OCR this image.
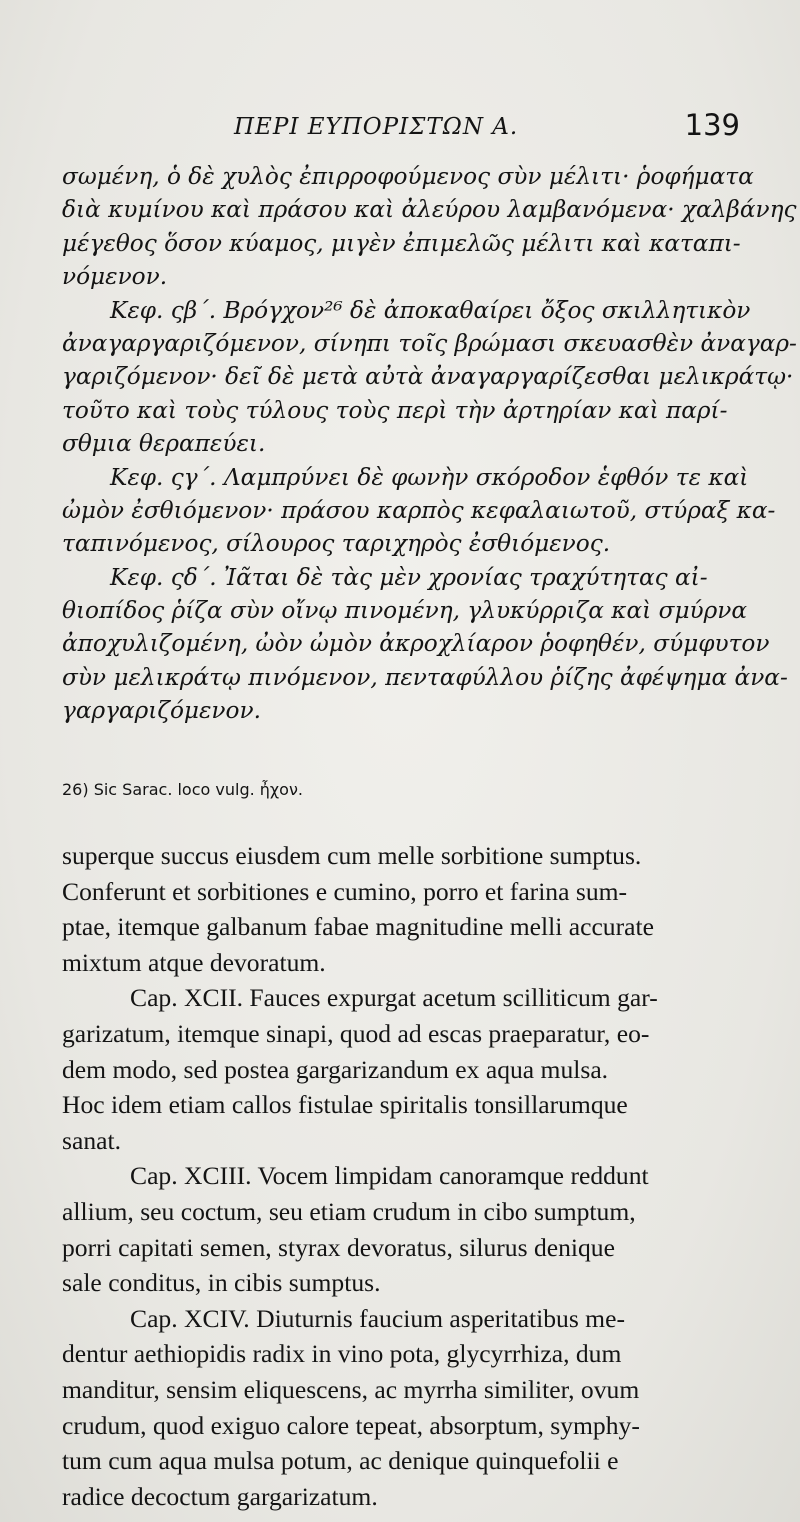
ΠΕΡΙ ΕΥΠΟΡΙΣΤΩΝ Α.	139
σωμένη, ὁ δὲ χυλὸς ἐπιρροφούμενος σὺν μέλιτι· ῥοφήματα
διὰ κυμίνου καὶ πράσου καὶ ἀλεύρου λαμβανόμενα· χαλβάνης
μέγεθος ὅσον κύαμος, μιγὲν ἐπιμελῶς μέλιτι καὶ καταπι-
νόμενον.
Κεφ. ςβ΄. Βρόγχον²⁶ δὲ ἀποκαθαίρει ὄξος σκιλλητικὸν
ἀναγαργαριζόμενον, σίνηπι τοῖς βρώμασι σκευασθὲν ἀναγαρ-
γαριζόμενον· δεῖ δὲ μετὰ αὐτὰ ἀναγαργαρίζεσθαι μελικράτῳ·
τοῦτο καὶ τοὺς τύλους τοὺς περὶ τὴν ἀρτηρίαν καὶ παρί-
σθμια θεραπεύει.
Κεφ. ςγ΄. Λαμπρύνει δὲ φωνὴν σκόροδον ἑφθόν τε καὶ
ὠμὸν ἐσθιόμενον· πράσου καρπὸς κεφαλαιωτοῦ, στύραξ κα-
ταπινόμενος, σίλουρος ταριχηρὸς ἐσθιόμενος.
Κεφ. ςδ΄. Ἰᾶται δὲ τὰς μὲν χρονίας τραχύτητας αἰ-
θιοπίδος ῥίζα σὺν οἴνῳ πινομένη, γλυκύρριζα καὶ σμύρνα
ἀποχυλιζομένη, ὠὸν ὠμὸν ἀκροχλίαρον ῥοφηθέν, σύμφυτον
σὺν μελικράτῳ πινόμενον, πενταφύλλου ῥίζης ἀφέψημα ἀνα-
γαργαριζόμενον.
26) Sic Sarac. loco vulg. ἦχον.
superque succus eiusdem cum melle sorbitione sumptus.
Conferunt et sorbitiones e cumino, porro et farina sum-
ptae, itemque galbanum fabae magnitudine melli accurate
mixtum atque devoratum.
Cap. XCII. Fauces expurgat acetum scilliticum gar-
garizatum, itemque sinapi, quod ad escas praeparatur, eo-
dem modo, sed postea gargarizandum ex aqua mulsa.
Hoc idem etiam callos fistulae spiritalis tonsillarumque
sanat.
Cap. XCIII. Vocem limpidam canoramque reddunt
allium, seu coctum, seu etiam crudum in cibo sumptum,
porri capitati semen, styrax devoratus, silurus denique
sale conditus, in cibis sumptus.
Cap. XCIV. Diuturnis faucium asperitatibus me-
dentur aethiopidis radix in vino pota, glycyrrhiza, dum
manditur, sensim eliquescens, ac myrrha similiter, ovum
crudum, quod exiguo calore tepeat, absorptum, symphy-
tum cum aqua mulsa potum, ac denique quinquefolii e
radice decoctum gargarizatum.
